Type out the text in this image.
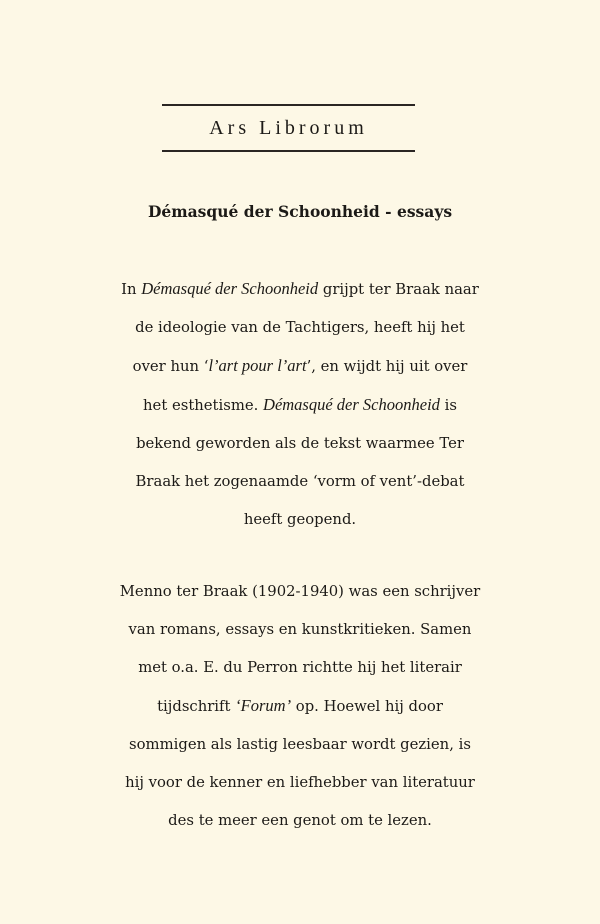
Ars Librorum
Démasqué der Schoonheid - essays
In Démasqué der Schoonheid grijpt ter Braak naar
de ideologie van de Tachtigers, heeft hij het
over hun ‘l’art pour l’art’, en wijdt hij uit over
het esthetisme. Démasqué der Schoonheid is
bekend geworden als de tekst waarmee Ter
Braak het zogenaamde ‘vorm of vent’-debat
heeft geopend.
Menno ter Braak (1902-1940) was een schrijver
van romans, essays en kunstkritieken. Samen
met o.a. E. du Perron richtte hij het literair
tijdschrift ‘Forum’ op. Hoewel hij door
sommigen als lastig leesbaar wordt gezien, is
hij voor de kenner en liefhebber van literatuur
des te meer een genot om te lezen.
